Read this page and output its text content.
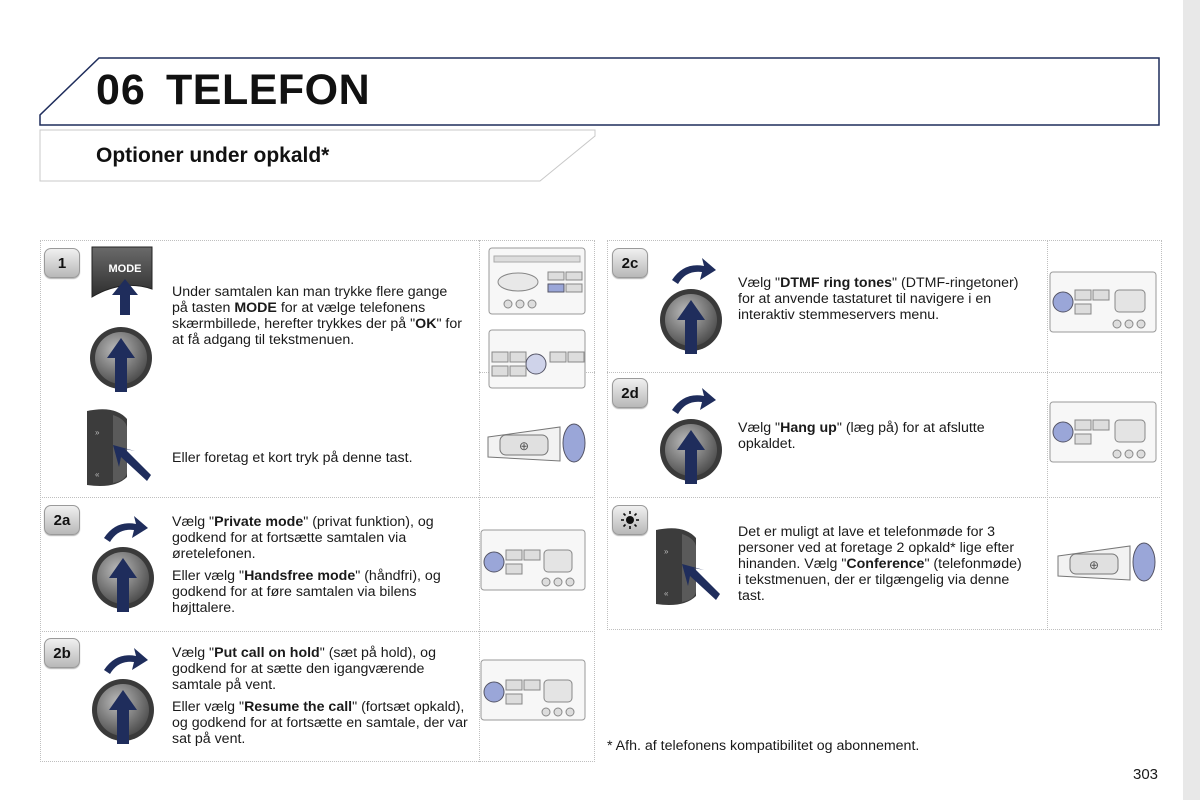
06 TELEFON
Optioner under opkald*
1
2a
2b
2c
2d
MODE
»
«
Under samtalen kan man trykke flere gange på tasten MODE for at vælge telefonens skærmbillede, herefter trykkes der på "OK" for at få adgang til tekstmenuen.
Eller foretag et kort tryk på denne tast.
⊕

Vælg "Private mode" (privat funktion), og godkend for at fortsætte samtalen via øretelefonen.

Eller vælg "Handsfree mode" (håndfri), og godkend for at føre samtalen via bilens højttalere.

Vælg "Put call on hold" (sæt på hold), og godkend for at sætte den igangværende samtale på vent.

Eller vælg "Resume the call" (fortsæt opkald), og godkend for at fortsætte en samtale, der var sat på vent.

Vælg "DTMF ring tones" (DTMF-ringetoner) for at anvende tastaturet til navigere i en interaktiv stemmeservers menu.
Vælg "Hang up" (læg på) for at afslutte opkaldet.
»
«
Det er muligt at lave et telefonmøde for 3 personer ved at foretage 2 opkald* lige efter hinanden. Vælg "Conference" (telefonmøde) i tekstmenuen, der er tilgængelig via denne tast.
⊕
* Afh. af telefonens kompatibilitet og abonnement.
303
